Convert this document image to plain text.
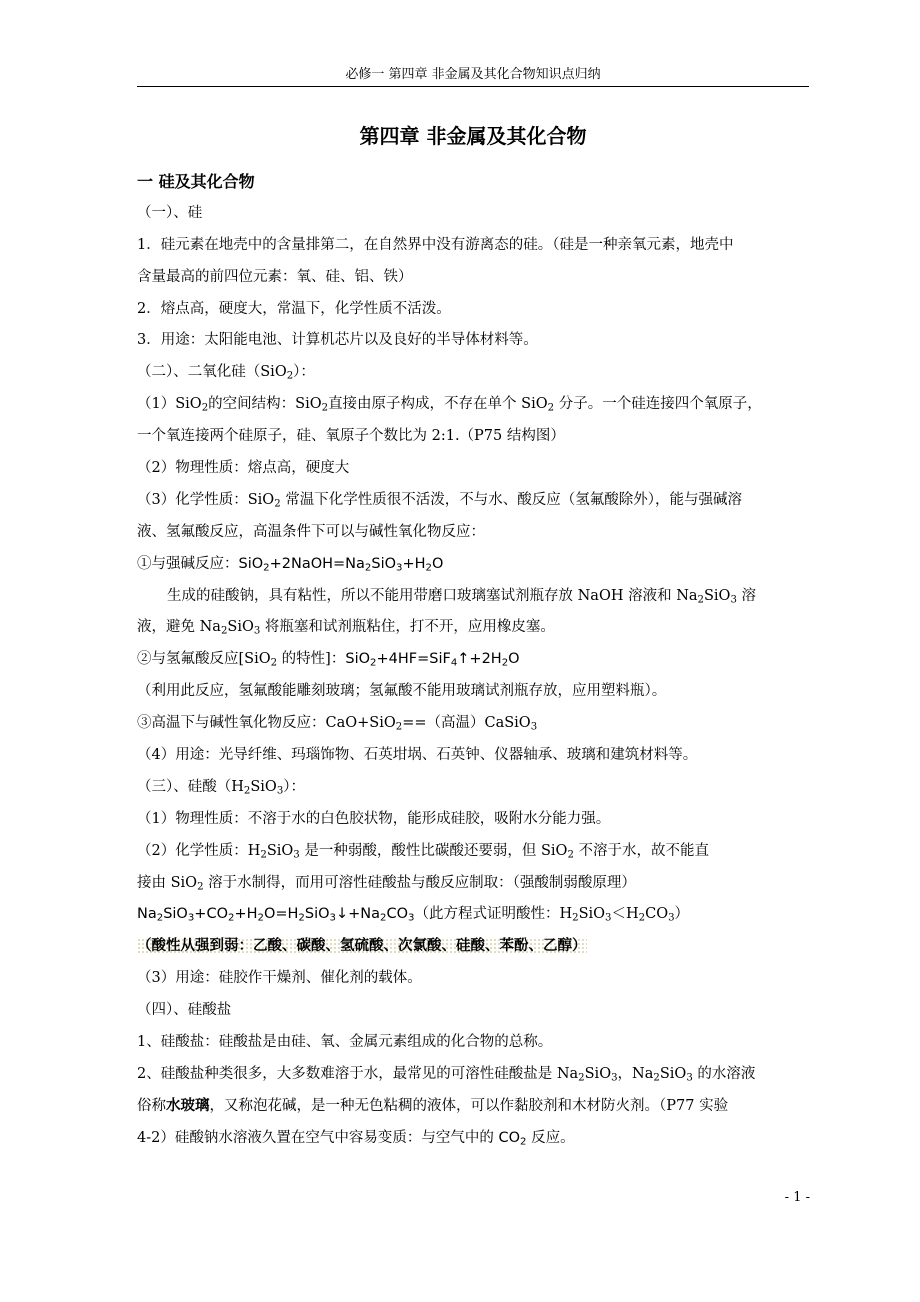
必修一 第四章 非金属及其化合物知识点归纳
第四章 非金属及其化合物
一 硅及其化合物
（一）、硅
1．硅元素在地壳中的含量排第二，在自然界中没有游离态的硅。（硅是一种亲氧元素，地壳中
含量最高的前四位元素：氧、硅、铝、铁）
2．熔点高，硬度大，常温下，化学性质不活泼。
3．用途：太阳能电池、计算机芯片以及良好的半导体材料等。
（二）、二氧化硅（SiO$_2$）：
（1）SiO$_2$的空间结构：SiO$_2$直接由原子构成，不存在单个 SiO$_2$ 分子。一个硅连接四个氧原子，
一个氧连接两个硅原子，硅、氧原子个数比为 2:1.（P75 结构图）
（2）物理性质：熔点高，硬度大
（3）化学性质：SiO$_2$ 常温下化学性质很不活泼，不与水、酸反应（氢氟酸除外），能与强碱溶
液、氢氟酸反应，高温条件下可以与碱性氧化物反应：
①与强碱反应：$SiO_2+2NaOH=Na_2SiO_3+H_2O$
生成的硅酸钠，具有粘性，所以不能用带磨口玻璃塞试剂瓶存放 NaOH 溶液和 $Na_2SiO_3$ 溶
液，避免 $Na_2SiO_3$ 将瓶塞和试剂瓶粘住，打不开，应用橡皮塞。
②与氢氟酸反应[SiO$_2$ 的特性]：$SiO_2+4HF=SiF_4↑+2H_2O$
（利用此反应，氢氟酸能雕刻玻璃；氢氟酸不能用玻璃试剂瓶存放，应用塑料瓶）。
③高温下与碱性氧化物反应：CaO+SiO$_2$==（高温）CaSiO$_3$
（4）用途：光导纤维、玛瑙饰物、石英坩埚、石英钟、仪器轴承、玻璃和建筑材料等。
（三）、硅酸$(H_2SiO_3)$：
（1）物理性质：不溶于水的白色胶状物，能形成硅胶，吸附水分能力强。
（2）化学性质：$H_2SiO_3$ 是一种弱酸，酸性比碳酸还要弱，但 SiO$_2$ 不溶于水，故不能直
接由 SiO$_2$ 溶于水制得，而用可溶性硅酸盐与酸反应制取：（强酸制弱酸原理）
$Na_2SiO_3+CO_2+H_2O=H_2SiO_3↓+Na_2CO_3$（此方程式证明酸性：$H_2SiO_3<H_2CO_3$）
（酸性从强到弱：乙酸、碳酸、氢硫酸、次氯酸、硅酸、苯酚、乙醇）
（3）用途：硅胶作干燥剂、催化剂的载体。
（四）、硅酸盐
1、硅酸盐：硅酸盐是由硅、氧、金属元素组成的化合物的总称。
2、硅酸盐种类很多，大多数难溶于水，最常见的可溶性硅酸盐是 $Na_2SiO_3$，$Na_2SiO_3$ 的水溶液
俗称水玻璃，又称泡花碱，是一种无色粘稠的液体，可以作黏胶剂和木材防火剂。（P77 实验
4-2）硅酸钠水溶液久置在空气中容易变质：与空气中的 $CO_2$ 反应。
- 1 -
